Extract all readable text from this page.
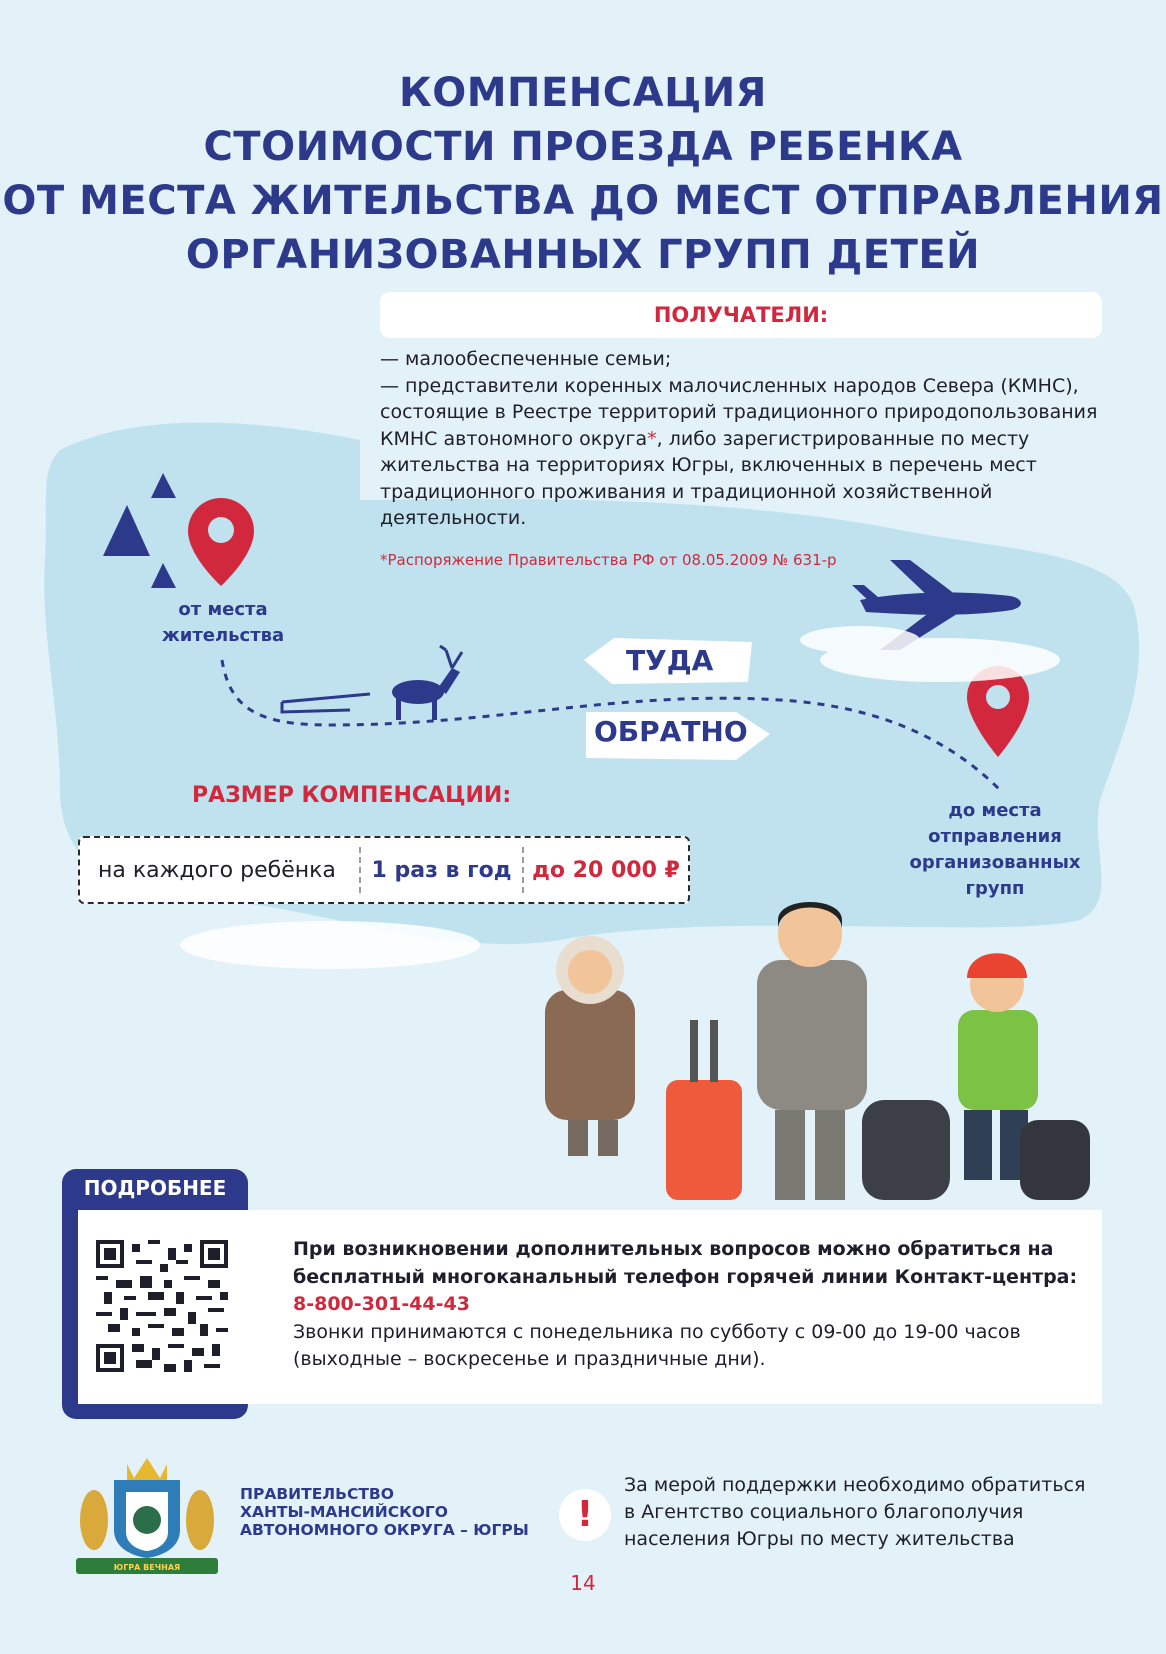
КОМПЕНСАЦИЯ
СТОИМОСТИ ПРОЕЗДА РЕБЕНКА
ОТ МЕСТА ЖИТЕЛЬСТВА ДО МЕСТ ОТПРАВЛЕНИЯ
ОРГАНИЗОВАННЫХ ГРУПП ДЕТЕЙ
ПОЛУЧАТЕЛИ:
— малообеспеченные семьи;
— представители коренных малочисленных народов Севера (КМНС),
состоящие в Реестре территорий традиционного природопользования
КМНС автономного округа*, либо зарегистрированные по месту
жительства на территориях Югры, включенных в перечень мест
традиционного проживания и традиционной хозяйственной
деятельности.
*Распоряжение Правительства РФ от 08.05.2009 № 631-р
от места
жительства
до места
отправления
организованных
групп
ТУДА
ОБРАТНО
РАЗМЕР КОМПЕНСАЦИИ:
на каждого ребёнка	1 раз в год до 20 000 ₽
ПОДРОБНЕЕ
При возникновении дополнительных вопросов можно обратиться на
бесплатный многоканальный телефон горячей линии Контакт-центра:
8-800-301-44-43
Звонки принимаются с понедельника по субботу с 09-00 до 19-00 часов
(выходные – воскресенье и праздничные дни).
ЮГРА ВЕЧНАЯ
ПРАВИТЕЛЬСТВО
ХАНТЫ-МАНСИЙСКОГО
АВТОНОМНОГО ОКРУГА – ЮГРЫ	!
За мерой поддержки необходимо обратиться
в Агентство социального благополучия
населения Югры по месту жительства
14
